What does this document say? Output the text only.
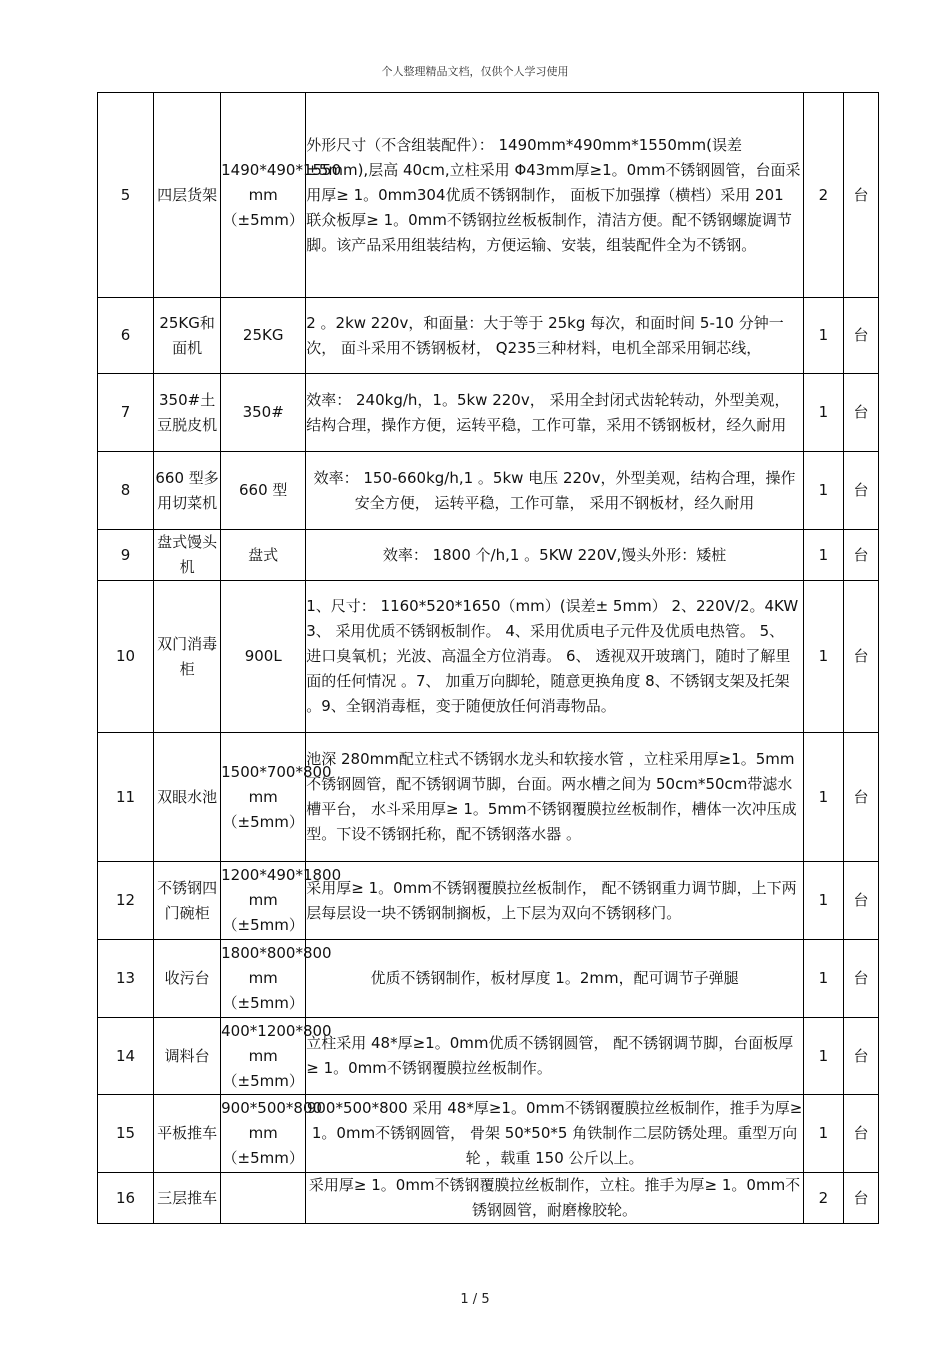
个人整理精品文档，仅供个人学习使用
5	四层货架	1490*490*1550 mm（±5mm）	外形尺寸（不含组装配件）： 1490mm*490mm*1550mm(误差±5mm),层高 40cm,立柱采用 Φ43mm厚≥1。0mm不锈钢圆管，台面采用厚≥ 1。0mm304优质不锈钢制作， 面板下加强撑（横档）采用 201 联众板厚≥ 1。0mm不锈钢拉丝板板制作，清洁方便。配不锈钢螺旋调节脚。该产品采用组装结构，方便运输、安装，组装配件全为不锈钢。	2	台
6	25KG和面机	25KG	2 。2kw 220v，和面量：大于等于 25kg 每次，和面时间 5-10 分钟一次， 面斗采用不锈钢板材， Q235三种材料，电机全部采用铜芯线，	1	台
7	350#土豆脱皮机	350#	效率： 240kg/h，1。5kw 220v， 采用全封闭式齿轮转动，外型美观，结构合理，操作方便，运转平稳，工作可靠，采用不锈钢板材，经久耐用	1	台
8	660 型多用切菜机	660 型	效率： 150-660kg/h,1 。5kw 电压 220v，外型美观，结构合理，操作安全方便， 运转平稳，工作可靠， 采用不钢板材，经久耐用	1	台
9	盘式馒头机	盘式	效率： 1800 个/h,1 。5KW 220V,馒头外形：矮桩	1	台
10	双门消毒柜	900L	1、尺寸： 1160*520*1650（mm）(误差± 5mm） 2、220V/2。4KW 3、 采用优质不锈钢板制作。 4、采用优质电子元件及优质电热管。 5、 进口臭氧机；光波、高温全方位消毒。 6、 透视双开玻璃门，随时了解里面的任何情况 。7、 加重万向脚轮，随意更换角度 8、不锈钢支架及托架 。9、全钢消毒框，变于随便放任何消毒物品。	1	台
11	双眼水池	1500*700*800 mm（±5mm）	池深 280mm配立柱式不锈钢水龙头和软接水管 ，立柱采用厚≥1。5mm不锈钢圆管，配不锈钢调节脚，台面。两水槽之间为 50cm*50cm带滤水槽平台， 水斗采用厚≥ 1。5mm不锈钢覆膜拉丝板制作，槽体一次冲压成型。下设不锈钢托称，配不锈钢落水器 。	1	台
12	不锈钢四门碗柜	1200*490*1800 mm（±5mm）	采用厚≥ 1。0mm不锈钢覆膜拉丝板制作， 配不锈钢重力调节脚，上下两层每层设一块不锈钢制搁板，上下层为双向不锈钢移门。	1	台
13	收污台	1800*800*800 mm（±5mm）	优质不锈钢制作，板材厚度 1。2mm，配可调节子弹腿	1	台
14	调料台	400*1200*800 mm（±5mm）	立柱采用 48*厚≥1。0mm优质不锈钢圆管， 配不锈钢调节脚，台面板厚≥ 1。0mm不锈钢覆膜拉丝板制作。	1	台
15	平板推车	900*500*800 mm（±5mm）	900*500*800 采用 48*厚≥1。0mm不锈钢覆膜拉丝板制作，推手为厚≥ 1。0mm不锈钢圆管， 骨架 50*50*5 角铁制作二层防锈处理。重型万向轮 ，载重 150 公斤以上。	1	台
16	三层推车		采用厚≥ 1。0mm不锈钢覆膜拉丝板制作，立柱。推手为厚≥ 1。0mm不锈钢圆管，耐磨橡胶轮。	2	台
1 / 5
